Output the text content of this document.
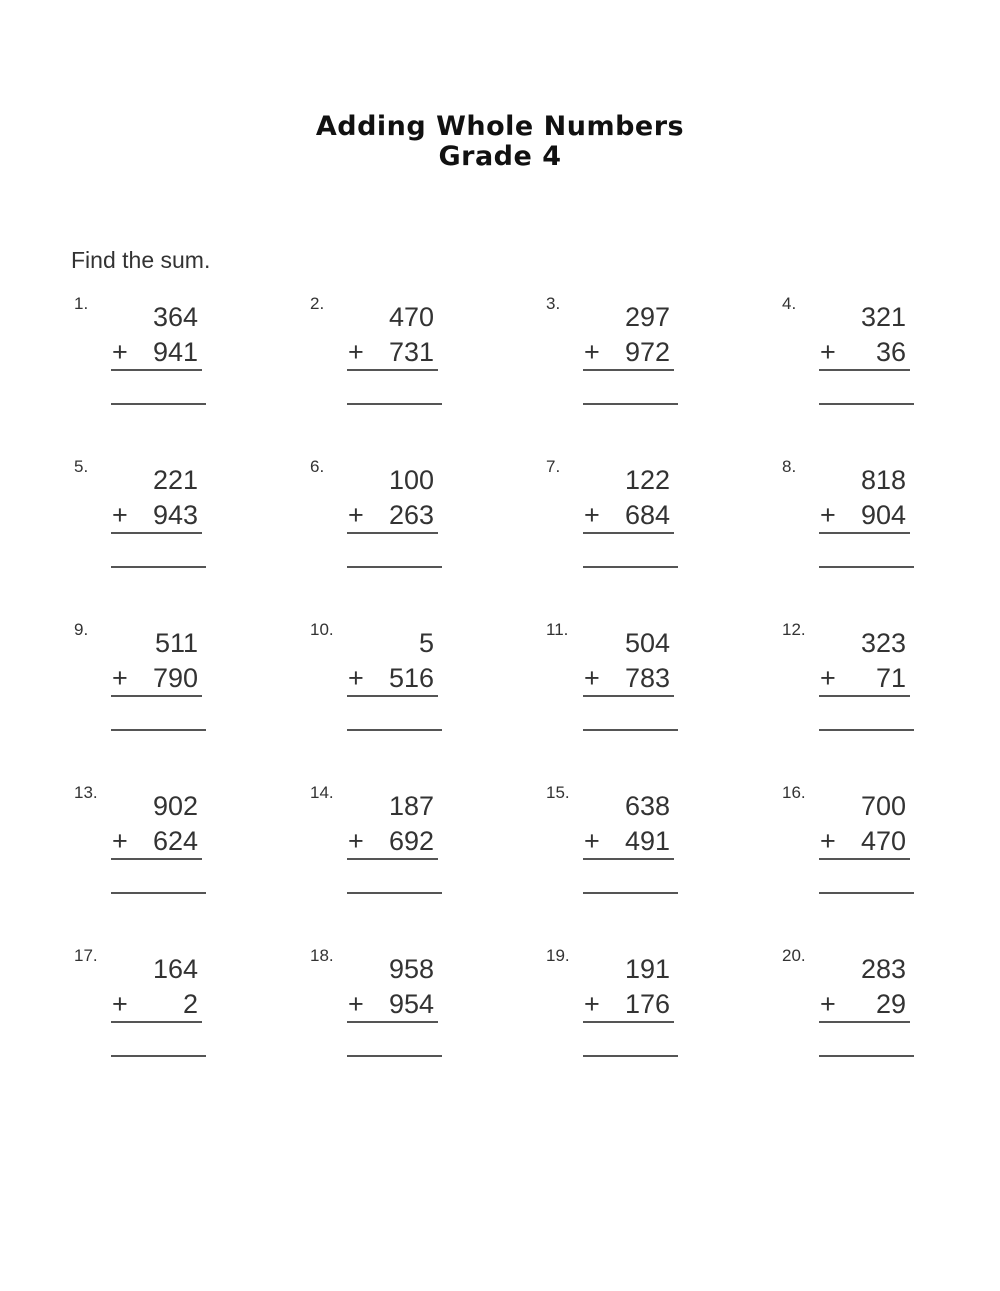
Adding Whole Numbers
Grade 4
Find the sum.
1.	364
+ 941
2.	470
+ 731
3.	297
+ 972
4.	321
+	36
5.	221
+ 943
6.	100
+ 263
7.	122
+ 684
8.	818
+ 904
9.	511
+ 790
10.	5
+ 516
11.	504
+ 783
12.	323
+	71
13.	902
+ 624
14.	187
+ 692
15.	638
+ 491
16.	700
+ 470
17.	164
+	2
18.	958
+ 954
19.	191
+ 176
20.	283
+	29
